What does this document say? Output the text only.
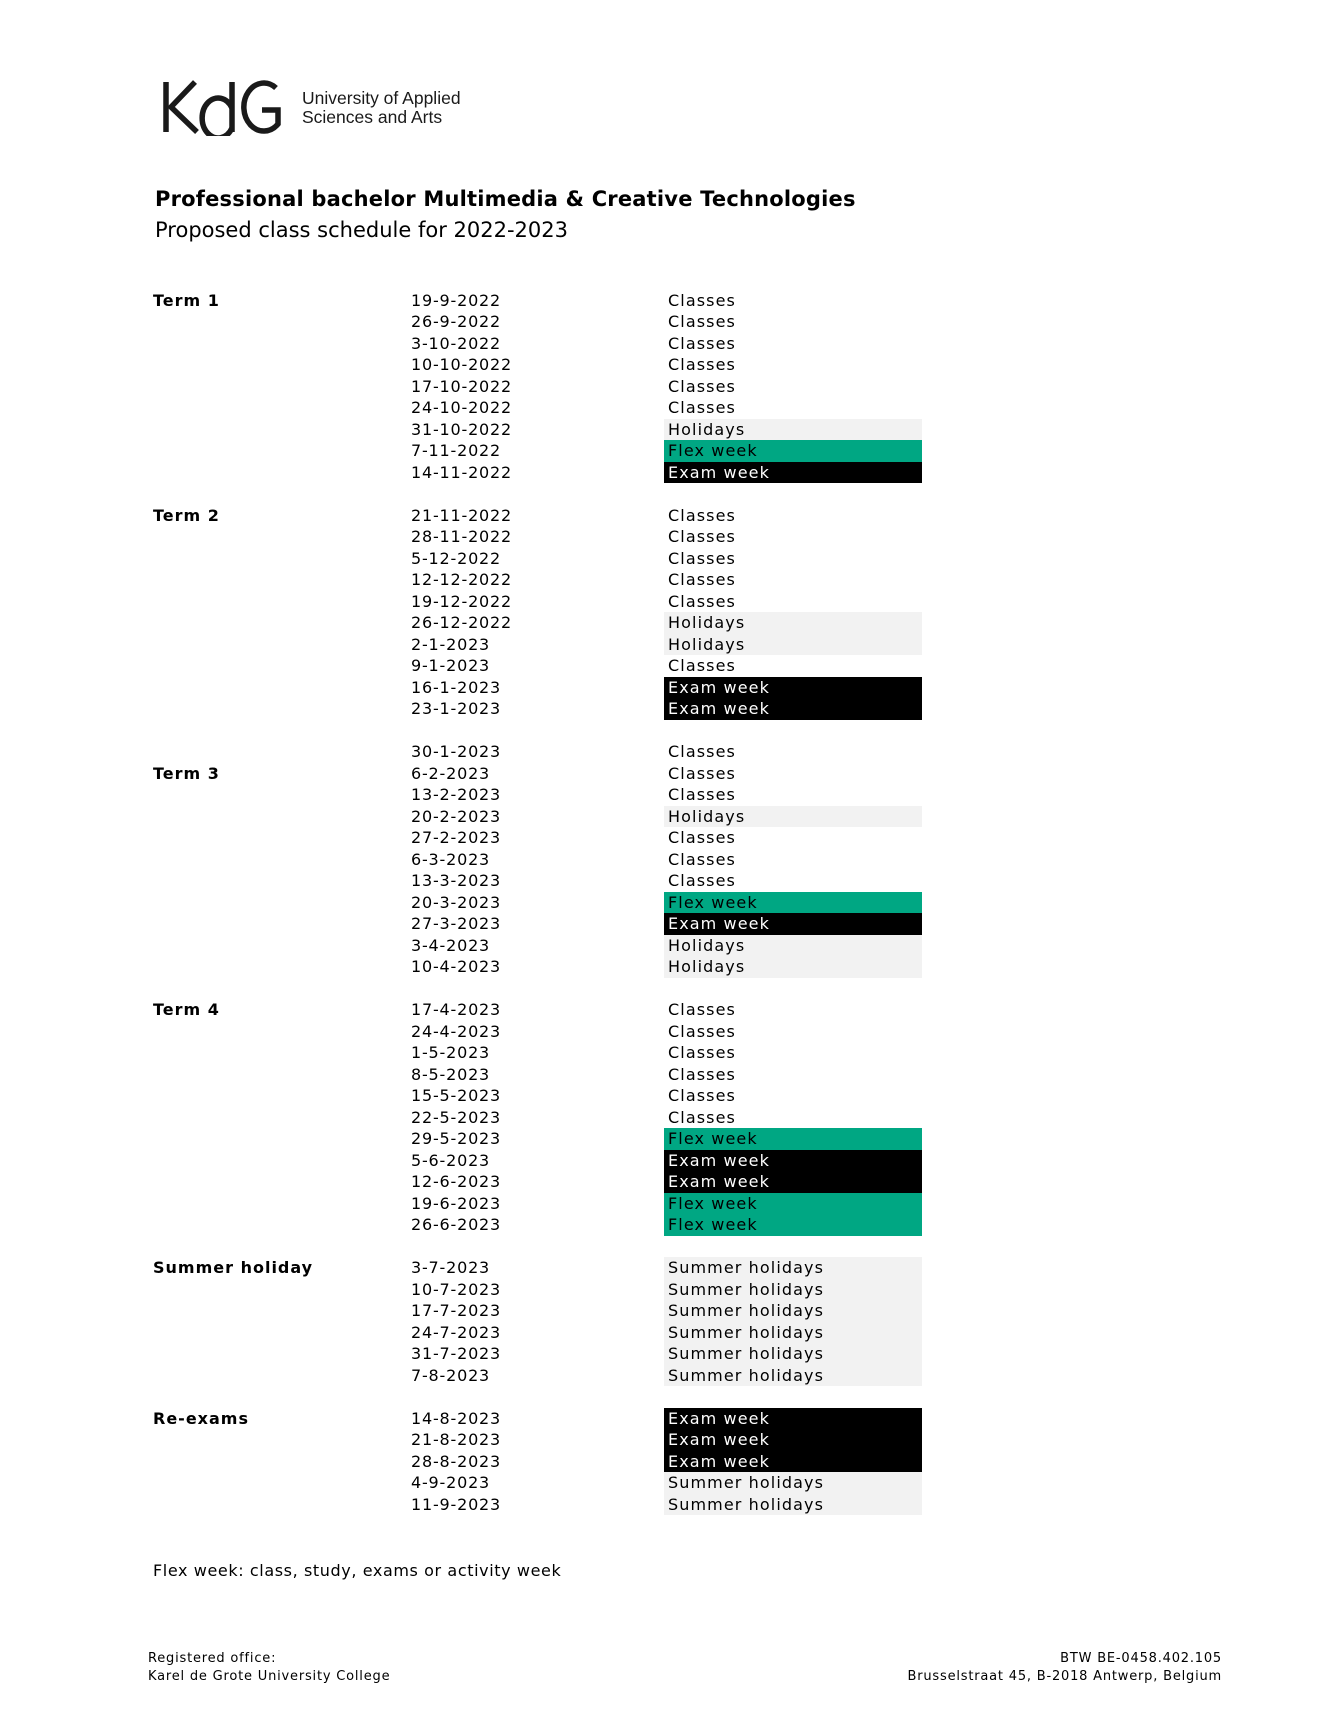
University of Applied
Sciences and Arts
Professional bachelor Multimedia & Creative Technologies
Proposed class schedule for 2022-2023
Term 1	19-9-2022	Classes
26-9-2022	Classes
3-10-2022	Classes
10-10-2022	Classes
17-10-2022	Classes
24-10-2022	Classes
31-10-2022	Holidays
7-11-2022	Flex week
14-11-2022	Exam week
Term 2	21-11-2022	Classes
28-11-2022	Classes
5-12-2022	Classes
12-12-2022	Classes
19-12-2022	Classes
26-12-2022	Holidays
2-1-2023	Holidays
9-1-2023	Classes
16-1-2023	Exam week
23-1-2023	Exam week
30-1-2023	Classes
Term 3	6-2-2023	Classes
13-2-2023	Classes
20-2-2023	Holidays
27-2-2023	Classes
6-3-2023	Classes
13-3-2023	Classes
20-3-2023	Flex week
27-3-2023	Exam week
3-4-2023	Holidays
10-4-2023	Holidays
Term 4	17-4-2023	Classes
24-4-2023	Classes
1-5-2023	Classes
8-5-2023	Classes
15-5-2023	Classes
22-5-2023	Classes
29-5-2023	Flex week
5-6-2023	Exam week
12-6-2023	Exam week
19-6-2023	Flex week
26-6-2023	Flex week
Summer holiday	3-7-2023	Summer holidays
10-7-2023	Summer holidays
17-7-2023	Summer holidays
24-7-2023	Summer holidays
31-7-2023	Summer holidays
7-8-2023	Summer holidays
Re-exams	14-8-2023	Exam week
21-8-2023	Exam week
28-8-2023	Exam week
4-9-2023	Summer holidays
11-9-2023	Summer holidays
Flex week: class, study, exams or activity week
Registered office:
Karel de Grote University College
BTW BE-0458.402.105
Brusselstraat 45, B-2018 Antwerp, Belgium
